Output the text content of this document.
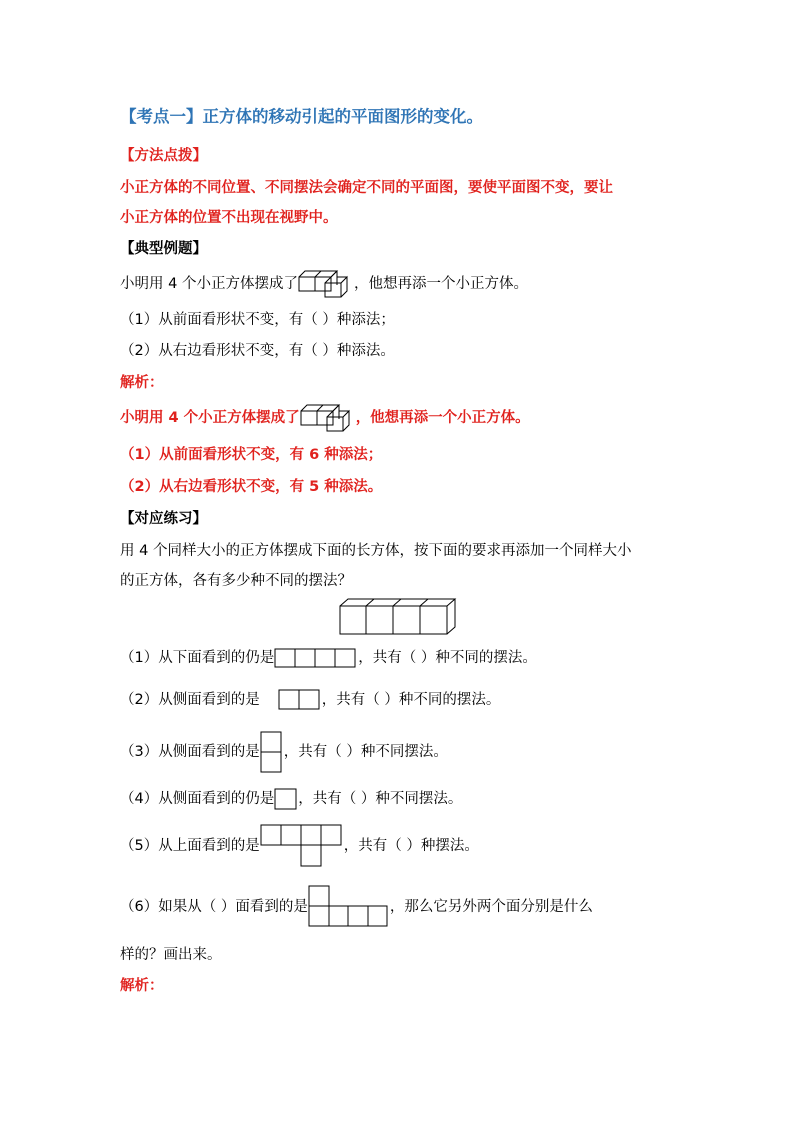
【考点一】正方体的移动引起的平面图形的变化。
【方法点拨】
小正方体的不同位置、不同摆法会确定不同的平面图，要使平面图不变，要让
小正方体的位置不出现在视野中。
【典型例题】
小明用 4 个小正方体摆成了	，他想再添一个小正方体。
（1）从前面看形状不变，有（ ）种添法；
（2）从右边看形状不变，有（ ）种添法。
解析：
小明用 4 个小正方体摆成了	，他想再添一个小正方体。
（1）从前面看形状不变，有 6 种添法；
（2）从右边看形状不变，有 5 种添法。
【对应练习】
用 4 个同样大小的正方体摆成下面的长方体，按下面的要求再添加一个同样大小
的正方体，各有多少种不同的摆法？
（1）从下面看到的仍是	，共有（ ）种不同的摆法。
（2）从侧面看到的是	，共有（ ）种不同的摆法。
（3）从侧面看到的是 ，共有（ ）种不同摆法。
（4）从侧面看到的仍是 ，共有（ ）种不同摆法。
（5）从上面看到的是	，共有（ ）种摆法。
（6）如果从（ ）面看到的是	，那么它另外两个面分别是什么
样的？画出来。
解析：
